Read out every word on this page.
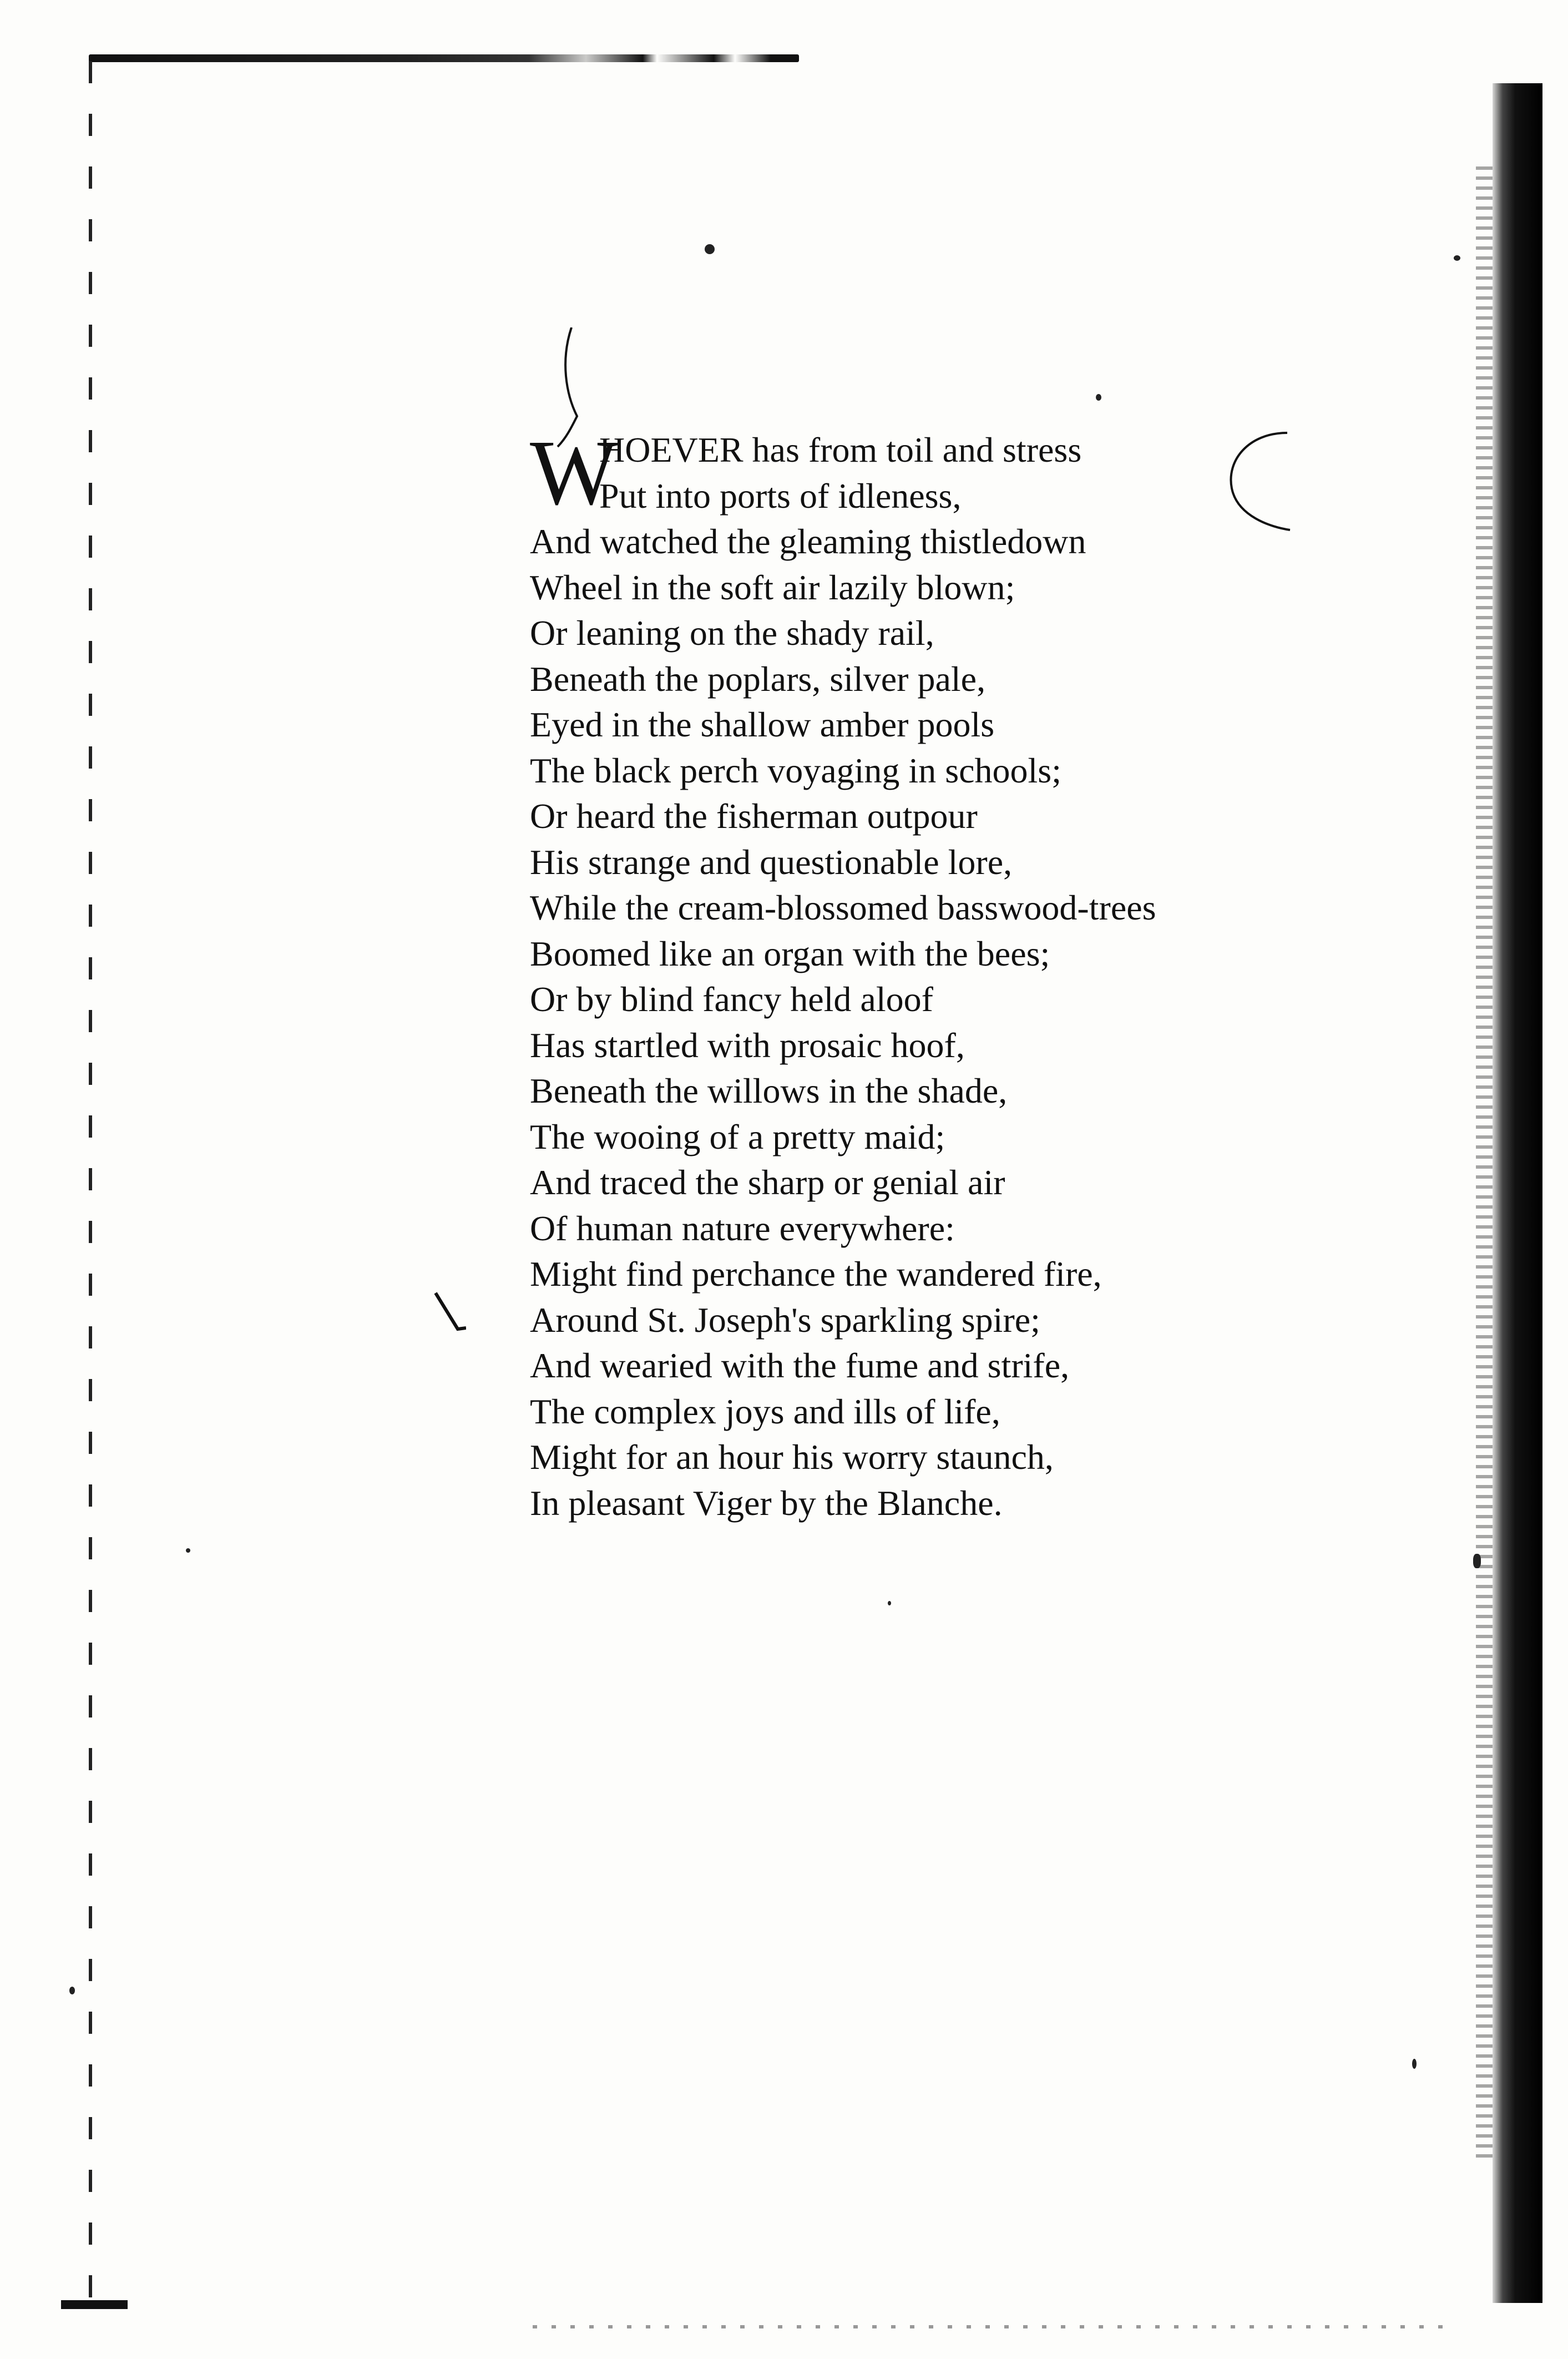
W
HOEVER has from toil and stress
Put into ports of idleness,
And watched the gleaming thistledown
Wheel in the soft air lazily blown;
Or leaning on the shady rail,
Beneath the poplars, silver pale,
Eyed in the shallow amber pools
The black perch voyaging in schools;
Or heard the fisherman outpour
His strange and questionable lore,
While the cream-blossomed basswood-trees
Boomed like an organ with the bees;
Or by blind fancy held aloof
Has startled with prosaic hoof,
Beneath the willows in the shade,
The wooing of a pretty maid;
And traced the sharp or genial air
Of human nature everywhere:
Might find perchance the wandered fire,
Around St. Joseph's sparkling spire;
And wearied with the fume and strife,
The complex joys and ills of life,
Might for an hour his worry staunch,
In pleasant Viger by the Blanche.
